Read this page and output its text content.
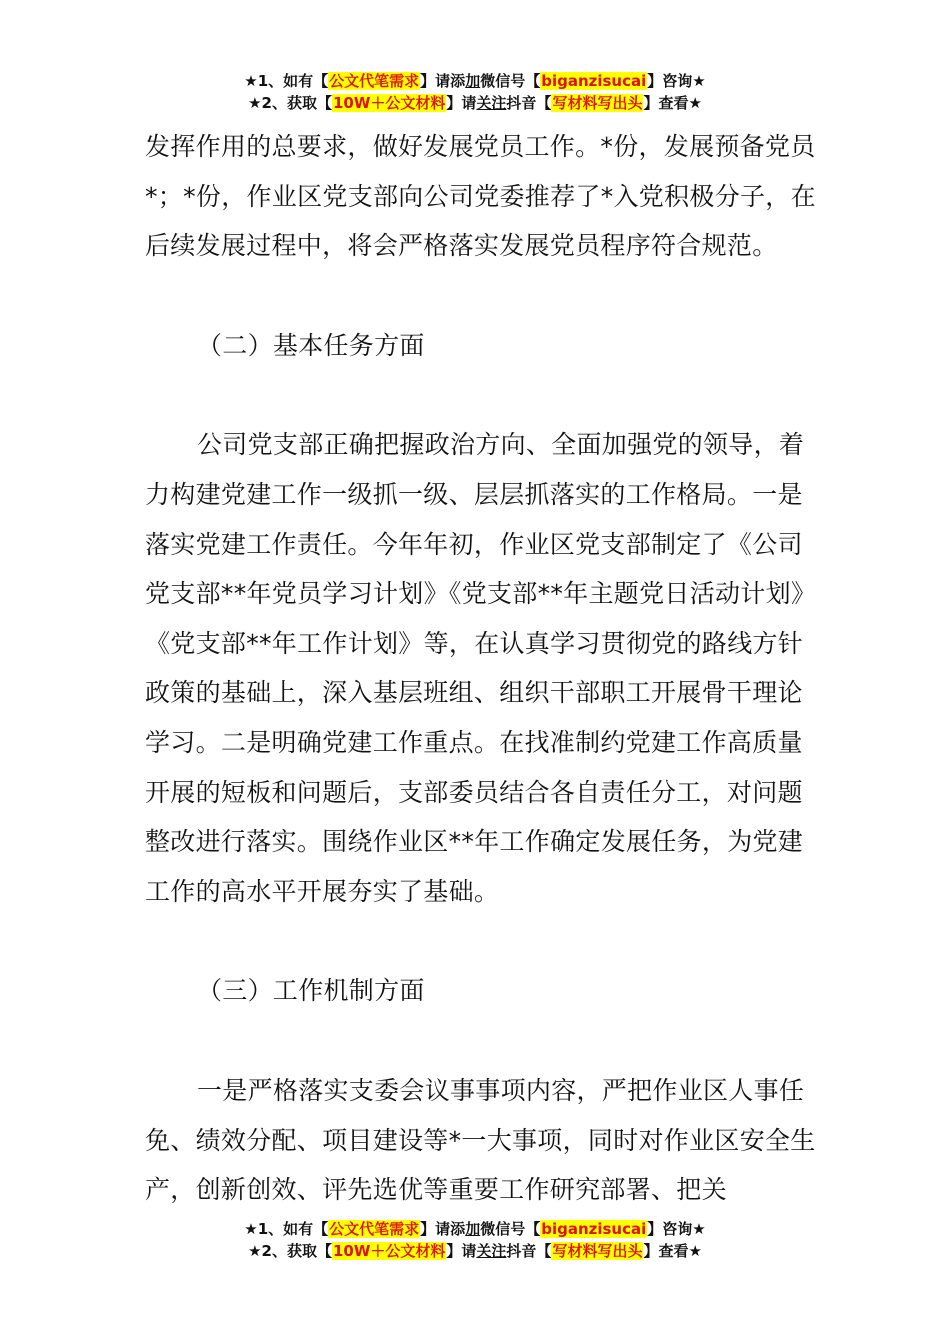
★1、如有【公文代笔需求】请添加微信号【biganzisucai】咨询★
★2、获取【10W＋公文材料】请关注抖音【写材料写出头】查看★

发挥作用的总要求，做好发展党员工作。*份，发展预备党员*；*份，作业区党支部向公司党委推荐了*入党积极分子，在后续发展过程中，将会严格落实发展党员程序符合规范。

（二）基本任务方面

公司党支部正确把握政治方向、全面加强党的领导，着力构建党建工作一级抓一级、层层抓落实的工作格局。一是落实党建工作责任。今年年初，作业区党支部制定了《公司党支部**年党员学习计划》《党支部**年主题党日活动计划》《党支部**年工作计划》等，在认真学习贯彻党的路线方针政策的基础上，深入基层班组、组织干部职工开展骨干理论学习。二是明确党建工作重点。在找准制约党建工作高质量开展的短板和问题后，支部委员结合各自责任分工，对问题整改进行落实。围绕作业区**年工作确定发展任务，为党建工作的高水平开展夯实了基础。

（三）工作机制方面

一是严格落实支委会议事事项内容，严把作业区人事任免、绩效分配、项目建设等*一大事项，同时对作业区安全生产，创新创效、评先选优等重要工作研究部署、把关

★1、如有【公文代笔需求】请添加微信号【biganzisucai】咨询★
★2、获取【10W＋公文材料】请关注抖音【写材料写出头】查看★
